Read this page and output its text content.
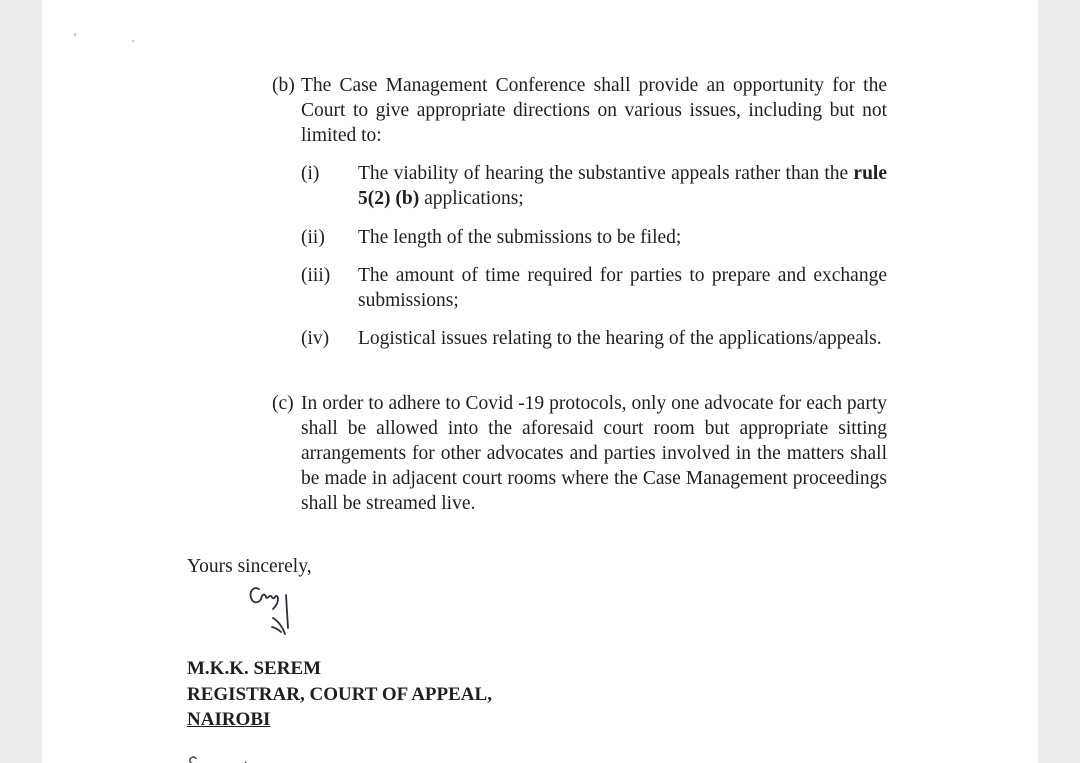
(b) The Case Management Conference shall provide an opportunity for the Court to give appropriate directions on various issues, including but not limited to:
(i) The viability of hearing the substantive appeals rather than the rule 5(2) (b) applications;
(ii) The length of the submissions to be filed;
(iii) The amount of time required for parties to prepare and exchange submissions;
(iv) Logistical issues relating to the hearing of the applications/appeals.
(c) In order to adhere to Covid -19 protocols, only one advocate for each party shall be allowed into the aforesaid court room but appropriate sitting arrangements for other advocates and parties involved in the matters shall be made in adjacent court rooms where the Case Management proceedings shall be streamed live.
Yours sincerely,
M.K.K. SEREM
REGISTRAR, COURT OF APPEAL,
NAIROBI
